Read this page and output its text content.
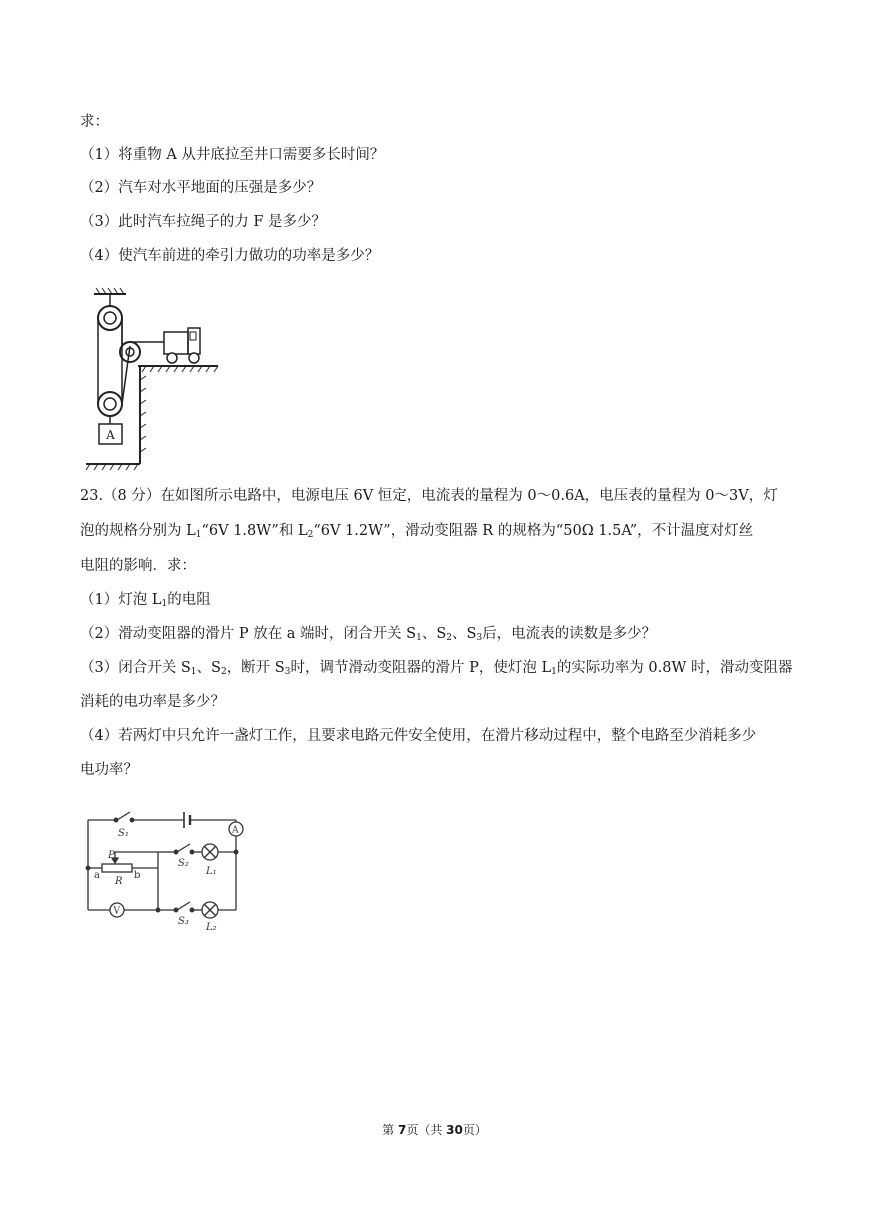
求：
（1）将重物 A 从井底拉至井口需要多长时间？
（2）汽车对水平地面的压强是多少？
（3）此时汽车拉绳子的力 F 是多少？
（4）使汽车前进的牵引力做功的功率是多少？
A
23.（8 分）在如图所示电路中，电源电压 6V 恒定，电流表的量程为 0～0.6A，电压表的量程为 0～3V，灯
泡的规格分别为 $L_1“6V$ 1.8W”和 $L_2“6V$ 1.2W”，滑动变阻器 R 的规格为“50Ω 1.5A”，不计温度对灯丝
电阻的影响．求：
（1）灯泡 $L_1$的电阻
（2）滑动变阻器的滑片 P 放在 a 端时，闭合开关 $S_1$、$S_2$、$S_3$后，电流表的读数是多少？
（3）闭合开关 $S_1$、$S_2$，断开 $S_3$时，调节滑动变阻器的滑片 P，使灯泡 $L_1$的实际功率为 0.8W 时，滑动变阻器
消耗的电功率是多少？
（4）若两灯中只允许一盏灯工作，且要求电路元件安全使用，在滑片移动过程中，整个电路至少消耗多少
电功率？
S₁	A
P
S₂
L₁
a	b
R
V
S₃
L₂
第 7页（共 30页）
